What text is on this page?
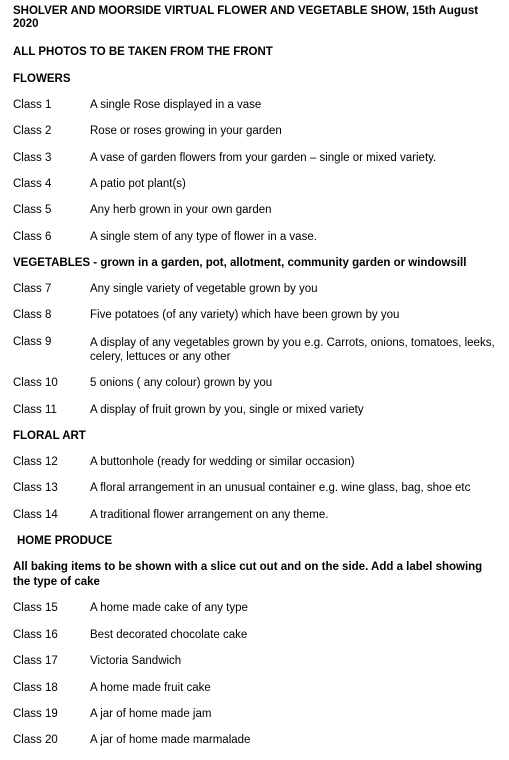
SHOLVER AND MOORSIDE VIRTUAL FLOWER AND VEGETABLE SHOW, 15th August 2020
ALL PHOTOS TO BE TAKEN FROM THE FRONT
FLOWERS
Class 1	A single Rose displayed in a vase
Class 2	Rose or roses growing in your garden
Class 3	A vase of garden flowers from your garden – single or mixed variety.
Class 4	A patio pot plant(s)
Class 5	Any herb grown in your own garden
Class 6	A single stem of any type of flower in a vase.
VEGETABLES - grown in a garden, pot, allotment, community garden or windowsill
Class 7	Any single variety of vegetable grown by you
Class 8	Five potatoes (of any variety) which have been grown by you
Class 9	A display of any vegetables grown by you e.g. Carrots, onions, tomatoes, leeks, celery, lettuces or any other
Class 10	5 onions ( any colour) grown by you
Class 11	A display of fruit grown by you, single or mixed variety
FLORAL ART
Class 12	A buttonhole (ready for wedding or similar occasion)
Class 13	A floral arrangement in an unusual container e.g. wine glass, bag, shoe etc
Class 14	A traditional flower arrangement on any theme.
HOME PRODUCE
All baking items to be shown with a slice cut out and on the side. Add a label showing the type of cake
Class 15	A home made cake of any type
Class 16	Best decorated chocolate cake
Class 17	Victoria Sandwich
Class 18	A home made fruit cake
Class 19	A jar of home made jam
Class 20	A jar of home made marmalade
